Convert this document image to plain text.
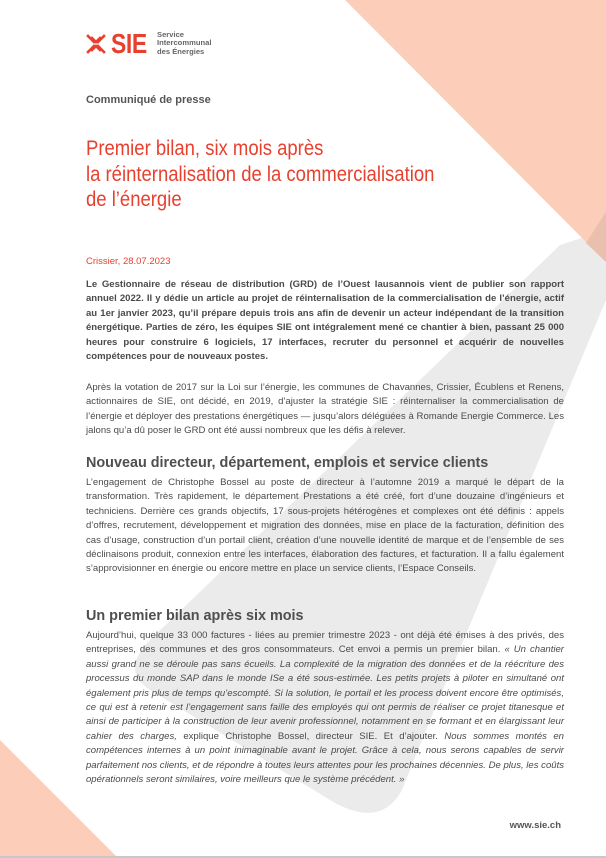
SIE Service
Intercommunal
des Énergies
Communiqué de presse
Premier bilan, six mois après
la réinternalisation de la commercialisation
de l’énergie
Crissier, 28.07.2023

Le Gestionnaire de réseau de distribution (GRD) de l’Ouest lausannois vient de publier son rapport annuel 2022. Il y dédie un article au projet de réinternalisation de la commercialisation de l’énergie, actif au 1er janvier 2023, qu’il prépare depuis trois ans afin de devenir un acteur indépendant de la transition énergétique. Parties de zéro, les équipes SIE ont intégralement mené ce chantier à bien, passant 25 000 heures pour construire 6 logiciels, 17 interfaces, recruter du personnel et acquérir de nouvelles compétences pour de nouveaux postes.

Après la votation de 2017 sur la Loi sur l’énergie, les communes de Chavannes, Crissier, Écublens et Renens, actionnaires de SIE, ont décidé, en 2019, d’ajuster la stratégie SIE : réinternaliser la commercialisation de l’énergie et déployer des prestations énergétiques — jusqu’alors déléguées à Romande Energie Commerce. Les jalons qu’a dû poser le GRD ont été aussi nombreux que les défis à relever.

Nouveau directeur, département, emplois et service clients

L’engagement de Christophe Bossel au poste de directeur à l’automne 2019 a marqué le départ de la transformation. Très rapidement, le département Prestations a été créé, fort d’une douzaine d’ingénieurs et techniciens. Derrière ces grands objectifs, 17 sous-projets hétérogènes et complexes ont été définis : appels d’offres, recrutement, développement et migration des données, mise en place de la facturation, définition des cas d’usage, construction d’un portail client, création d’une nouvelle identité de marque et de l’ensemble de ses déclinaisons produit, connexion entre les interfaces, élaboration des factures, et facturation. Il a fallu également s’approvisionner en énergie ou encore mettre en place un service clients, l’Espace Conseils.

Un premier bilan après six mois

Aujourd’hui, quelque 33 000 factures - liées au premier trimestre 2023 - ont déjà été émises à des privés, des entreprises, des communes et des gros consommateurs. Cet envoi a permis un premier bilan. « Un chantier aussi grand ne se déroule pas sans écueils. La complexité de la migration des données et de la réécriture des processus du monde SAP dans le monde ISe a été sous-estimée. Les petits projets à piloter en simultané ont également pris plus de temps qu’escompté. Si la solution, le portail et les process doivent encore être optimisés, ce qui est à retenir est l’engagement sans faille des employés qui ont permis de réaliser ce projet titanesque et ainsi de participer à la construction de leur avenir professionnel, notamment en se formant et en élargissant leur cahier des charges, explique Christophe Bossel, directeur SIE. Et d’ajouter. Nous sommes montés en compétences internes à un point inimaginable avant le projet. Grâce à cela, nous serons capables de servir parfaitement nos clients, et de répondre à toutes leurs attentes pour les prochaines décennies. De plus, les coûts opérationnels seront similaires, voire meilleurs que le système précédent. »

www.sie.ch
